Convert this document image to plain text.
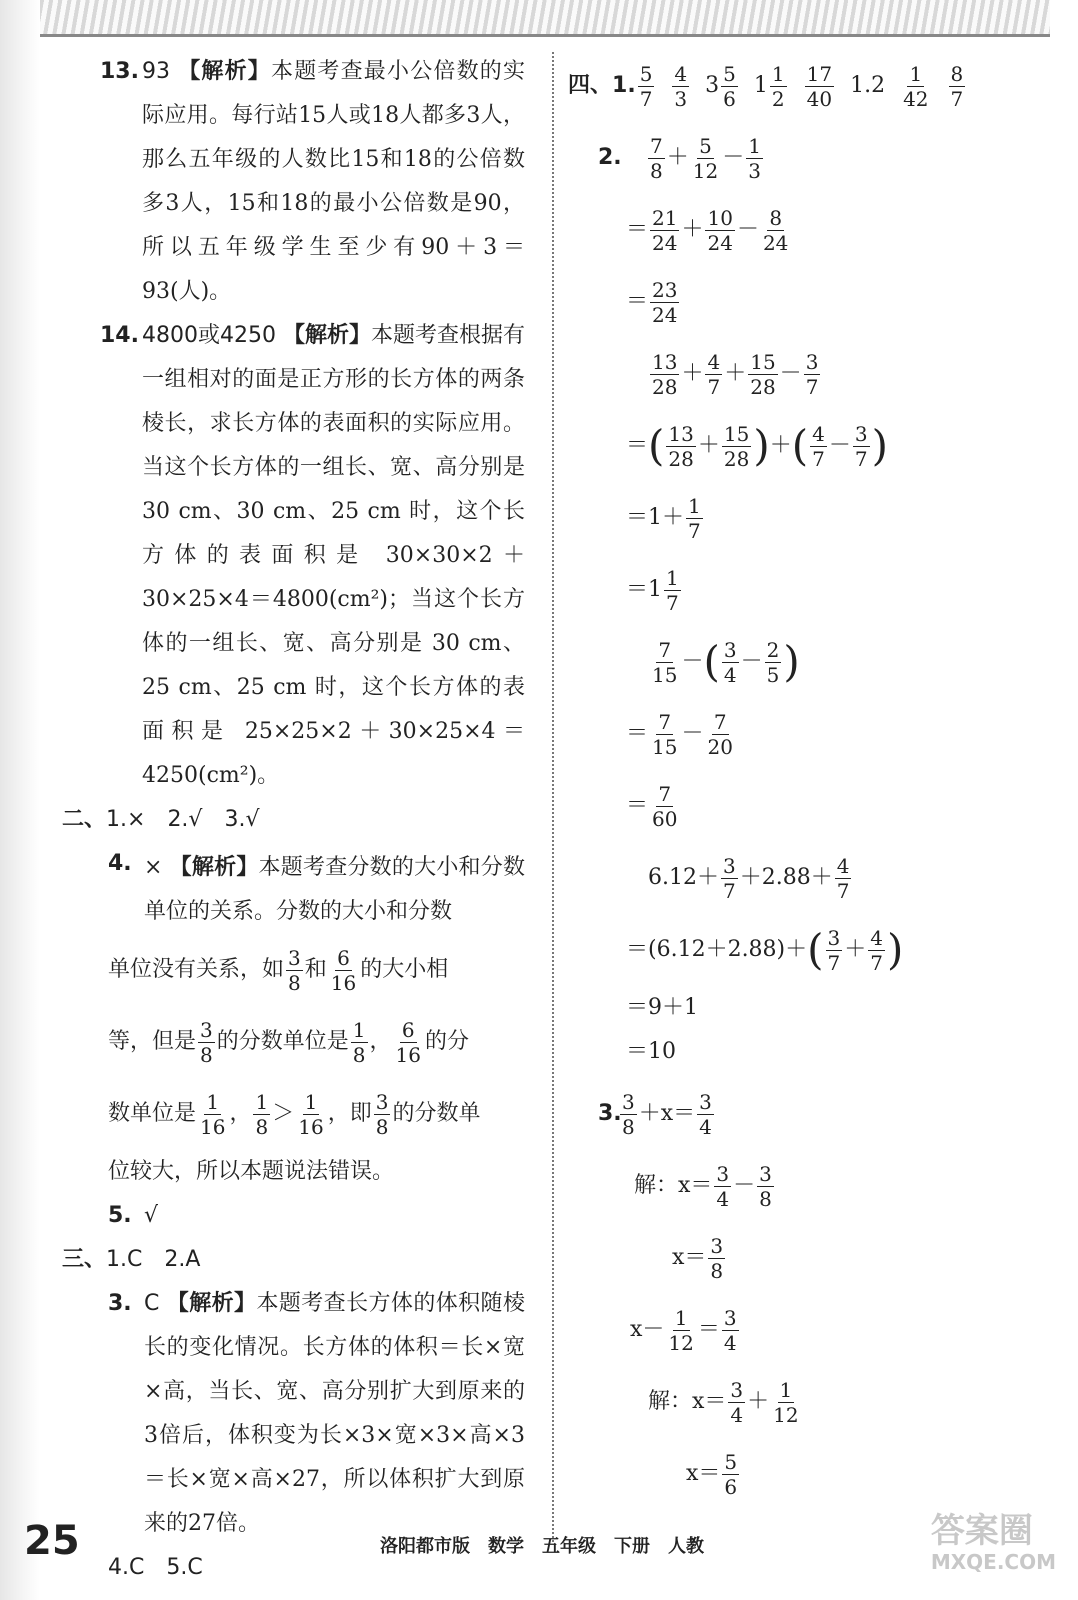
13. 93 【解析】本题考查最小公倍数的实际应用。每行站15人或18人都多3人，那么五年级的人数比15和18的公倍数多3人，15和18的最小公倍数是90，所以五年级学生至少有90＋3＝93(人)。
14. 4800或4250 【解析】本题考查根据有一组相对的面是正方形的长方体的两条棱长，求长方体的表面积的实际应用。当这个长方体的一组长、宽、高分别是 30 cm、30 cm、25 cm 时，这个长方体的表面积是 30×30×2＋30×25×4＝4800(cm²)；当这个长方体的一组长、宽、高分别是 30 cm、25 cm、25 cm 时，这个长方体的表面积是 25×25×2＋30×25×4＝4250(cm²)。
二、1.×　2.√　3.√
4. × 【解析】本题考查分数的大小和分数单位的关系。分数的大小和分数
单位没有关系，如 $\frac{3}{8}$ 和 $\frac{6}{16}$ 的大小相
等，但是 $\frac{3}{8}$ 的分数单位是 $\frac{1}{8}$ ， $\frac{6}{16}$ 的分
数单位是 $\frac{1}{16}$ ， $\frac{1}{8} > \frac{1}{16}$ ，即 $\frac{3}{8}$ 的分数单
位较大，所以本题说法错误。
5. √
三、1.C　2.A
3. C 【解析】本题考查长方体的体积随棱长的变化情况。长方体的体积＝长×宽×高，当长、宽、高分别扩大到原来的3倍后，体积变为长×3×宽×3×高×3＝长×宽×高×27，所以体积扩大到原来的27倍。
4.C　5.C
四、 1. $\frac{5}{7}$
$\frac{4}{3}$
$3 \frac{5}{6}$
$1 \frac{1}{2}$
$\frac{17}{40}$
1.2
$\frac{1}{42}$
$\frac{8}{7}$
2.	$\frac{7}{8} + \frac{5}{12} - \frac{1}{3}$
＝ $\frac{21}{24} + \frac{10}{24} - \frac{8}{24}$
＝ $\frac{23}{24}$
$\frac{13}{28} + \frac{4}{7} + \frac{15}{28} - \frac{3}{7}$
＝ ( $\frac{13}{28} + \frac{15}{28}$ ) ＋ ( $\frac{4}{7} - \frac{3}{7}$ )
$=1+ \frac{1}{7}$
$=1 \frac{1}{7}$
$\frac{7}{15}$ － ( $\frac{3}{4} - \frac{2}{5}$ )
＝ $\frac{7}{15} - \frac{7}{20}$
＝ $\frac{7}{60}$
$6.12+ \frac{3}{7} +2.88+ \frac{4}{7}$
＝(6.12＋2.88)＋ ( $\frac{3}{7} + \frac{4}{7}$ )
＝9＋1
＝10
3.
$\frac{3}{8} +x= \frac{3}{4}$
解：$x= \frac{3}{4} - \frac{3}{8}$
$x= \frac{3}{8}$
$x- \frac{1}{12} = \frac{3}{4}$
解：$x= \frac{3}{4} + \frac{1}{12}$
$x= \frac{5}{6}$
25	洛阳都市版　数学　五年级　下册　人教	答案圈
MXQE.COM
